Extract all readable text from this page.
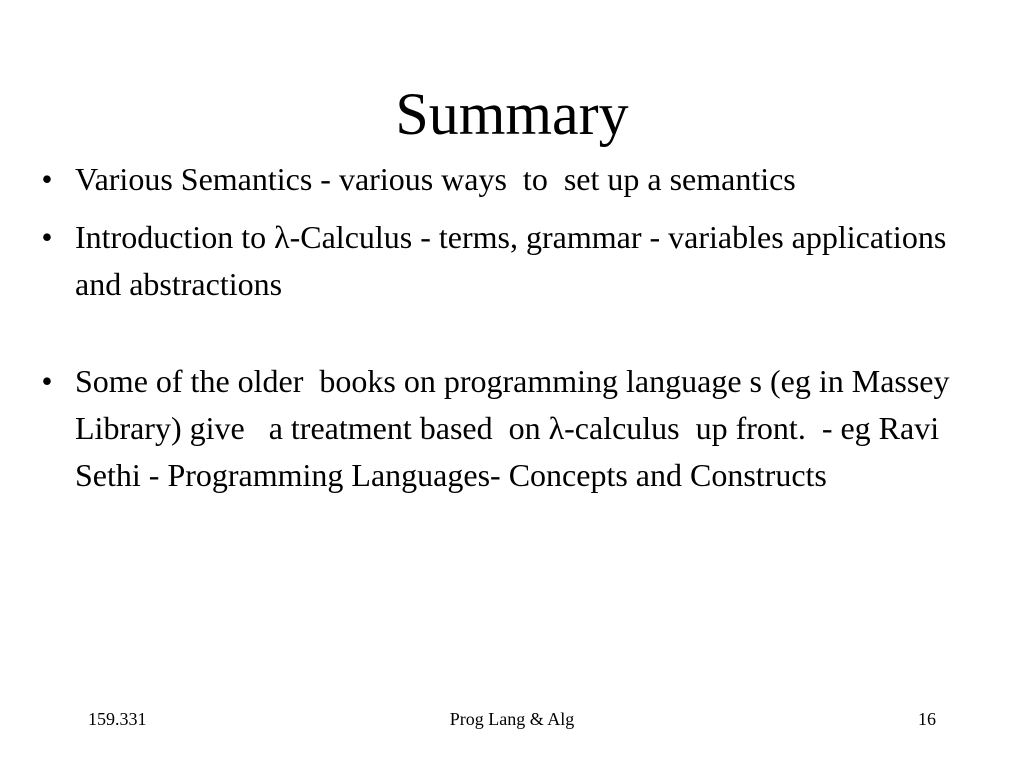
Summary
• Various Semantics - various ways  to  set up a semantics
• Introduction to λ-Calculus - terms, grammar - variables applications and abstractions
• Some of the older  books on programming language s (eg in Massey Library) give   a treatment based  on λ-calculus  up front.  - eg Ravi Sethi - Programming Languages- Concepts and Constructs
159.331	Prog Lang & Alg	16
